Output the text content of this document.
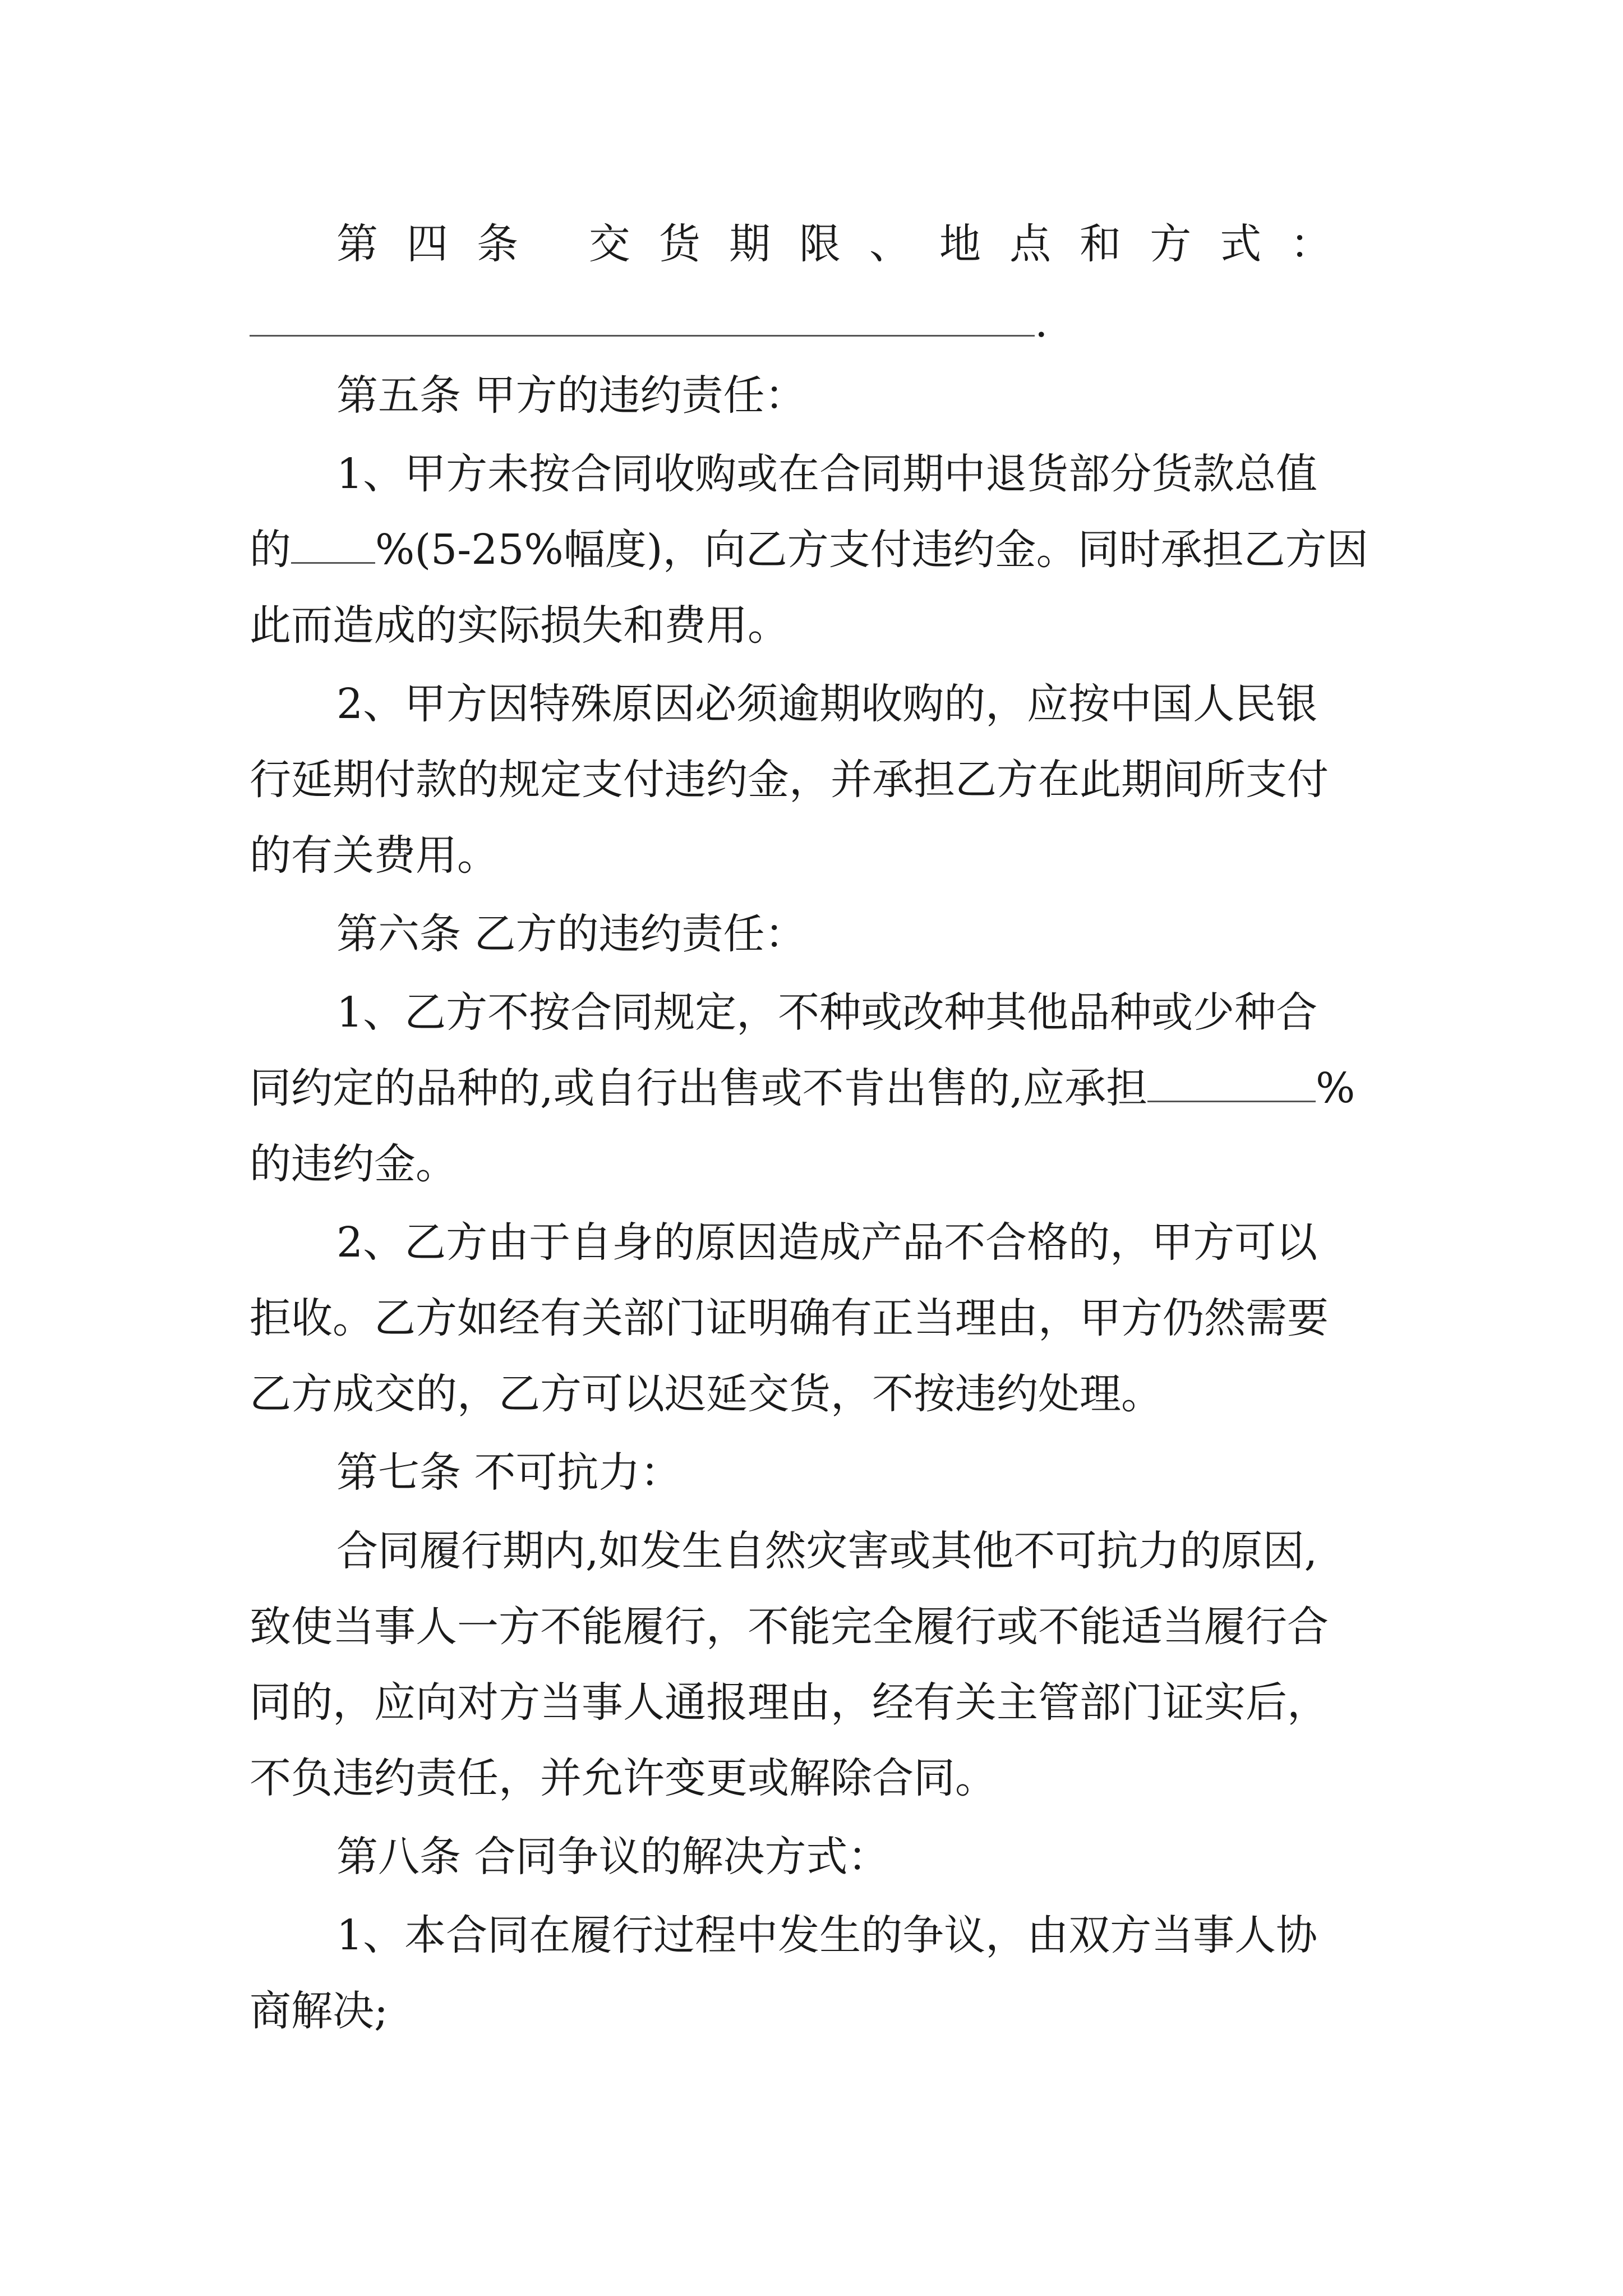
第四条 交货期限、地点和方式：
.
第五条 甲方的违约责任：
1、甲方未按合同收购或在合同期中退货部分货款总值
的 %(5-25%幅度)，向乙方支付违约金。同时承担乙方因
此而造成的实际损失和费用。
2、甲方因特殊原因必须逾期收购的，应按中国人民银
行延期付款的规定支付违约金，并承担乙方在此期间所支付
的有关费用。
第六条 乙方的违约责任：
1、乙方不按合同规定，不种或改种其他品种或少种合
同约定的品种的,或自行出售或不肯出售的,应承担	%
的违约金。
2、乙方由于自身的原因造成产品不合格的，甲方可以
拒收。乙方如经有关部门证明确有正当理由，甲方仍然需要
乙方成交的，乙方可以迟延交货，不按违约处理。
第七条 不可抗力：
合同履行期内,如发生自然灾害或其他不可抗力的原因,
致使当事人一方不能履行，不能完全履行或不能适当履行合
同的，应向对方当事人通报理由，经有关主管部门证实后，
不负违约责任，并允许变更或解除合同。
第八条 合同争议的解决方式：
1、本合同在履行过程中发生的争议，由双方当事人协
商解决;
